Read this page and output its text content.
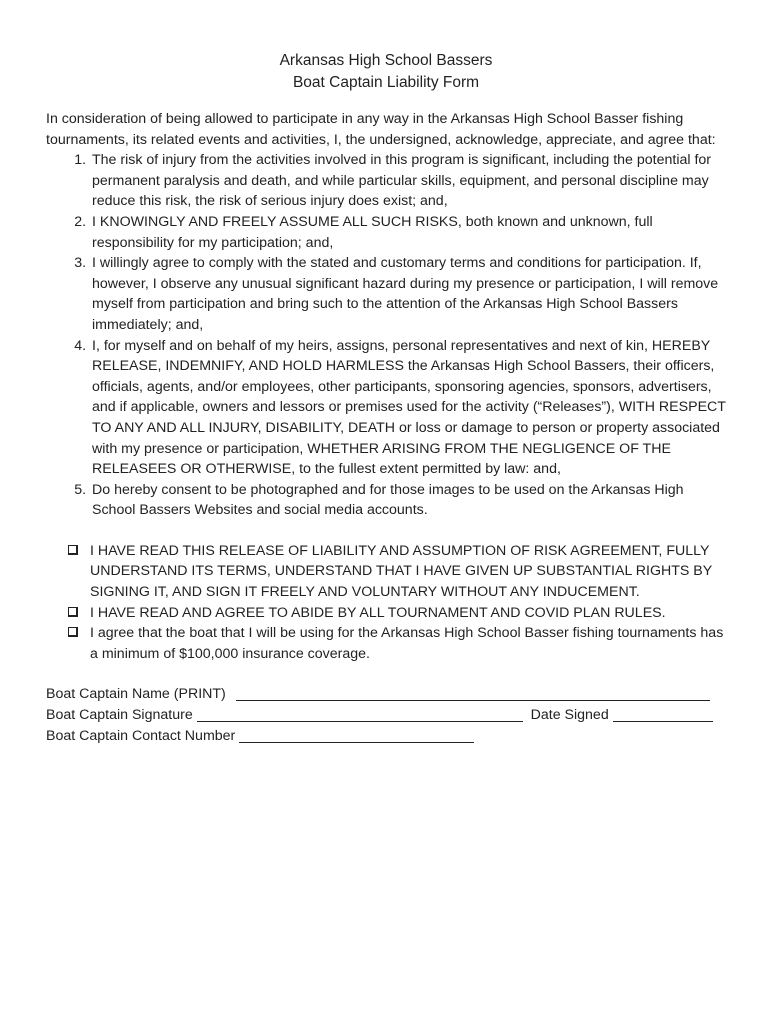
Arkansas High School Bassers
Boat Captain Liability Form
In consideration of being allowed to participate in any way in the Arkansas High School Basser fishing tournaments, its related events and activities, I, the undersigned, acknowledge, appreciate, and agree that:
1. The risk of injury from the activities involved in this program is significant, including the potential for permanent paralysis and death, and while particular skills, equipment, and personal discipline may reduce this risk, the risk of serious injury does exist; and,
2. I KNOWINGLY AND FREELY ASSUME ALL SUCH RISKS, both known and unknown, full responsibility for my participation; and,
3. I willingly agree to comply with the stated and customary terms and conditions for participation. If, however, I observe any unusual significant hazard during my presence or participation, I will remove myself from participation and bring such to the attention of the Arkansas High School Bassers immediately; and,
4. I, for myself and on behalf of my heirs, assigns, personal representatives and next of kin, HEREBY RELEASE, INDEMNIFY, AND HOLD HARMLESS the Arkansas High School Bassers, their officers, officials, agents, and/or employees, other participants, sponsoring agencies, sponsors, advertisers, and if applicable, owners and lessors or premises used for the activity (“Releases”), WITH RESPECT TO ANY AND ALL INJURY, DISABILITY, DEATH or loss or damage to person or property associated with my presence or participation, WHETHER ARISING FROM THE NEGLIGENCE OF THE RELEASEES OR OTHERWISE, to the fullest extent permitted by law: and,
5. Do hereby consent to be photographed and for those images to be used on the Arkansas High School Bassers Websites and social media accounts.
I HAVE READ THIS RELEASE OF LIABILITY AND ASSUMPTION OF RISK AGREEMENT, FULLY UNDERSTAND ITS TERMS, UNDERSTAND THAT I HAVE GIVEN UP SUBSTANTIAL RIGHTS BY SIGNING IT, AND SIGN IT FREELY AND VOLUNTARY WITHOUT ANY INDUCEMENT.
I HAVE READ AND AGREE TO ABIDE BY ALL TOURNAMENT AND COVID PLAN RULES.
I agree that the boat that I will be using for the Arkansas High School Basser fishing tournaments has a minimum of $100,000 insurance coverage.
Boat Captain Name (PRINT)
Boat Captain Signature	Date Signed
Boat Captain Contact Number
